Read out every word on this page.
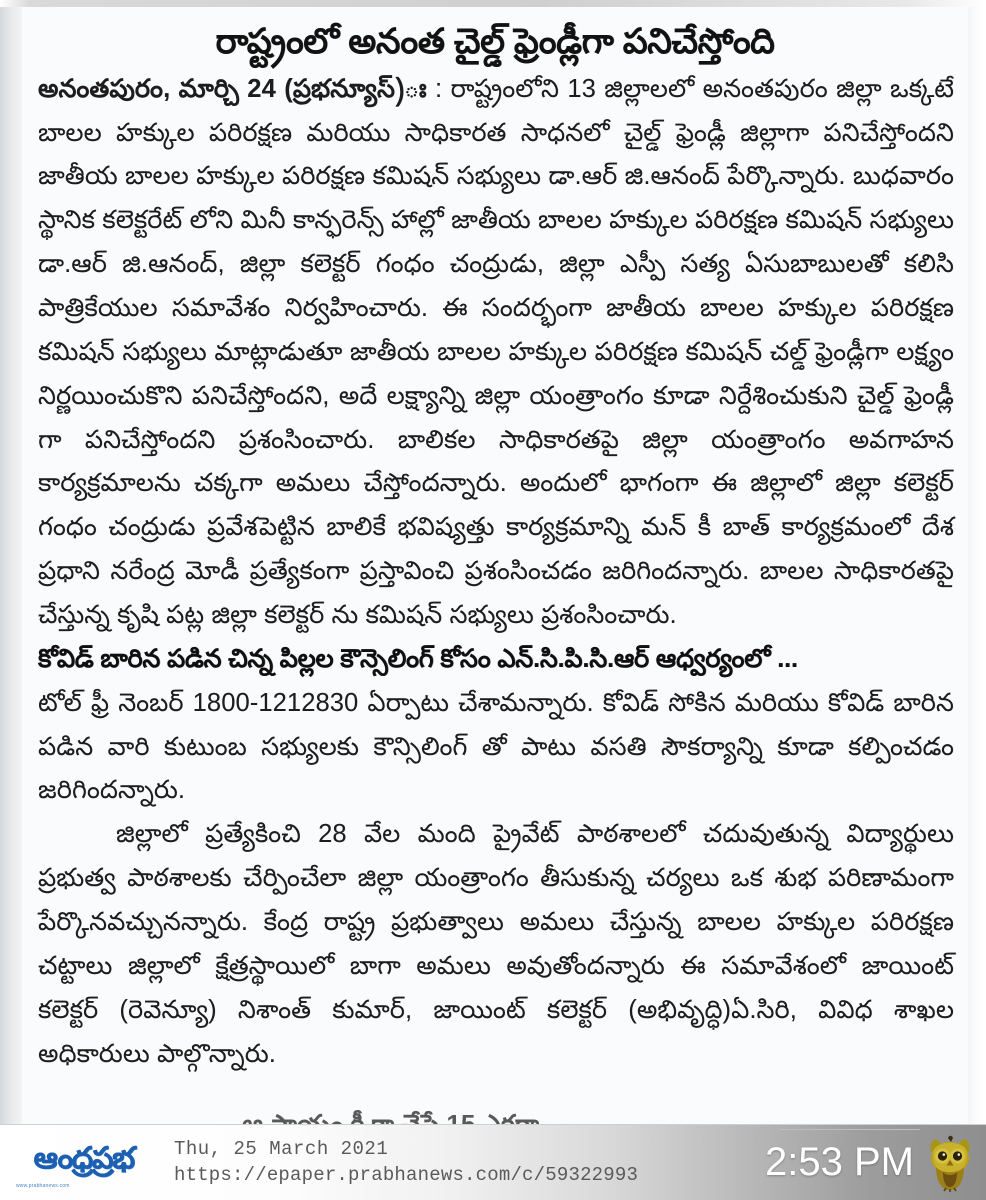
రాష్ట్రంలో అనంత చైల్డ్ ఫ్రెండ్లీగా పనిచేస్తోంది

అనంతపురం, మార్చి 24 (ప్రభన్యూస్)ః : రాష్ట్రంలోని 13 జిల్లాలలో అనంతపురం జిల్లా ఒక్కటే బాలల హక్కుల పరిరక్షణ మరియు సాధికారత సాధనలో చైల్డ్ ఫ్రెండ్లీ జిల్లాగా పనిచేస్తోందని జాతీయ బాలల హక్కుల పరిరక్షణ కమిషన్ సభ్యులు డా.ఆర్ జి.ఆనంద్ పేర్కొన్నారు. బుధవారం స్థానిక కలెక్టరేట్ లోని మినీ కాన్ఫరెన్స్ హాల్లో జాతీయ బాలల హక్కుల పరిరక్షణ కమిషన్ సభ్యులు డా.ఆర్ జి.ఆనంద్, జిల్లా కలెక్టర్ గంధం చంద్రుడు, జిల్లా ఎస్పీ సత్య ఏసుబాబులతో కలిసి పాత్రికేయుల సమావేశం నిర్వహించారు. ఈ సందర్భంగా జాతీయ బాలల హక్కుల పరిరక్షణ కమిషన్ సభ్యులు మాట్లాడుతూ జాతీయ బాలల హక్కుల పరిరక్షణ కమిషన్ చల్డ్ ఫ్రెండ్లీగా లక్ష్యం నిర్ణయించుకొని పనిచేస్తోందని, అదే లక్ష్యాన్ని జిల్లా యంత్రాంగం కూడా నిర్దేశించుకుని చైల్డ్ ఫ్రెండ్లీ గా పనిచేస్తోందని ప్రశంసించారు. బాలికల సాధికారతపై జిల్లా యంత్రాంగం అవగాహన కార్యక్రమాలను చక్కగా అమలు చేస్తోందన్నారు. అందులో భాగంగా ఈ జిల్లాలో జిల్లా కలెక్టర్ గంధం చంద్రుడు ప్రవేశపెట్టిన బాలికే భవిష్యత్తు కార్యక్రమాన్ని మన్ కీ బాత్ కార్యక్రమంలో దేశ ప్రధాని నరేంద్ర మోడీ ప్రత్యేకంగా ప్రస్తావించి ప్రశంసించడం జరిగిందన్నారు. బాలల సాధికారతపై చేస్తున్న కృషి పట్ల జిల్లా కలెక్టర్ ను కమిషన్ సభ్యులు ప్రశంసించారు.

కోవిడ్ బారిన పడిన చిన్న పిల్లల కౌన్సెలింగ్ కోసం ఎన్.సి.పి.సి.ఆర్ ఆధ్వర్యంలో ...

టోల్ ఫ్రీ నెంబర్ 1800-1212830 ఏర్పాటు చేశామన్నారు. కోవిడ్ సోకిన మరియు కోవిడ్ బారిన పడిన వారి కుటుంబ సభ్యులకు కౌన్సిలింగ్ తో పాటు వసతి సౌకర్యాన్ని కూడా కల్పించడం జరిగిందన్నారు.

జిల్లాలో ప్రత్యేకించి 28 వేల మంది ప్రైవేట్ పాఠశాలలో చదువుతున్న విద్యార్థులు ప్రభుత్వ పాఠశాలకు చేర్పించేలా జిల్లా యంత్రాంగం తీసుకున్న చర్యలు ఒక శుభ పరిణామంగా పేర్కొనవచ్చునన్నారు. కేంద్ర రాష్ట్ర ప్రభుత్వాలు అమలు చేస్తున్న బాలల హక్కుల పరిరక్షణ చట్టాలు జిల్లాలో క్షేత్రస్థాయిలో బాగా అమలు అవుతోందన్నారు ఈ సమావేశంలో జాయింట్ కలెక్టర్ (రెవెన్యూ) నిశాంత్ కుమార్, జాయింట్ కలెక్టర్ (అభివృద్ధి)ఏ.సిరి, వివిధ శాఖల అధికారులు పాల్గొన్నారు.

ఆంధ్రప్రభ
www.prabhanews.com
Thu, 25 March 2021
https://epaper.prabhanews.com/c/59322993	2:53 PM
